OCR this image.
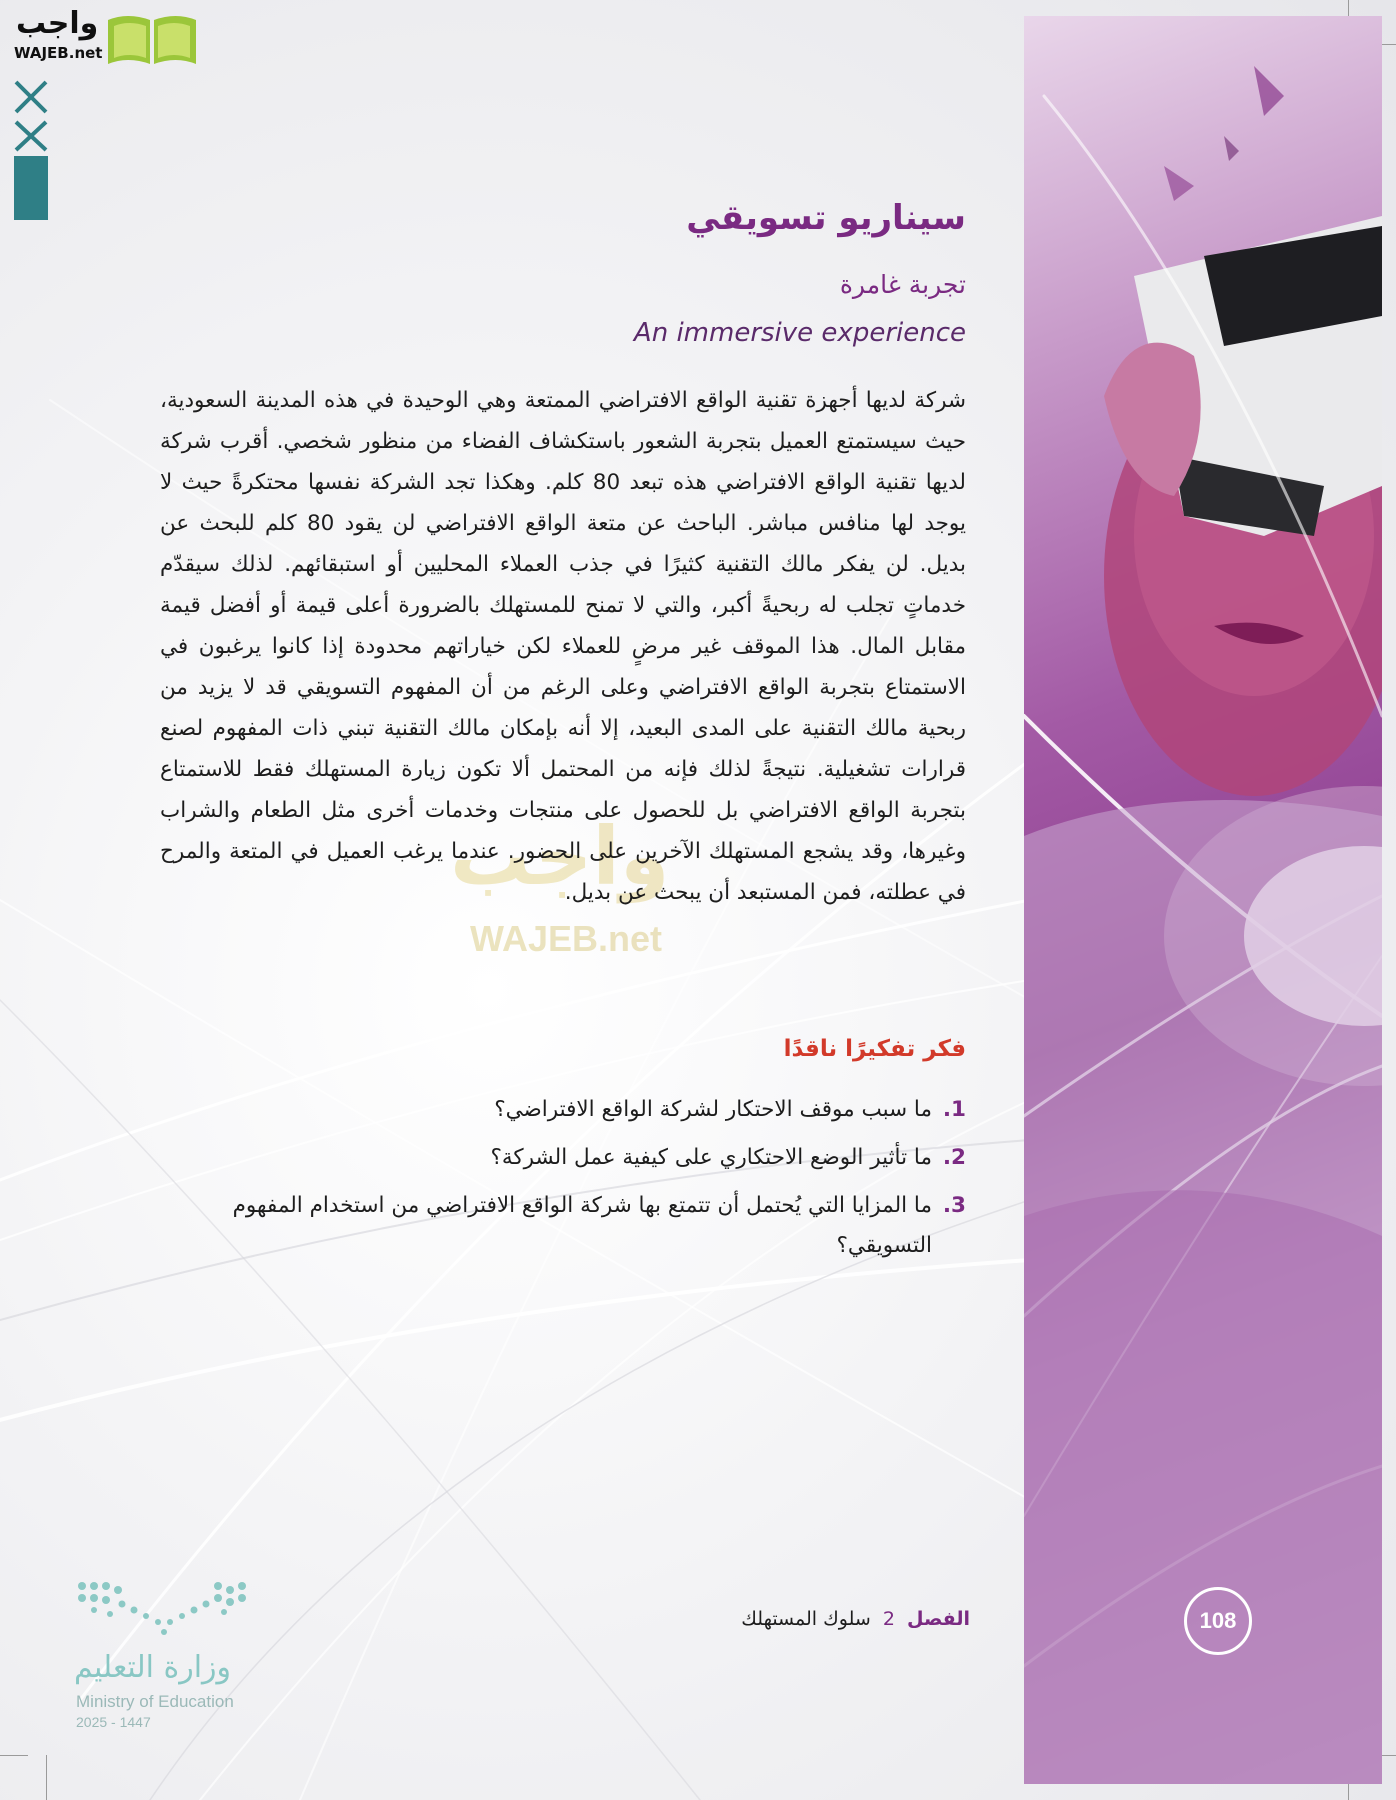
واجب
WAJEB.net
واجب
WAJEB.net
سيناريو تسويقي
تجربة غامرة
An immersive experience

شركة لديها أجهزة تقنية الواقع الافتراضي الممتعة وهي الوحيدة في هذه المدينة السعودية، حيث سيستمتع العميل بتجربة الشعور باستكشاف الفضاء من منظور شخصي. أقرب شركة لديها تقنية الواقع الافتراضي هذه تبعد 80 كلم. وهكذا تجد الشركة نفسها محتكرةً حيث لا يوجد لها منافس مباشر. الباحث عن متعة الواقع الافتراضي لن يقود 80 كلم للبحث عن بديل. لن يفكر مالك التقنية كثيرًا في جذب العملاء المحليين أو استبقائهم. لذلك سيقدّم خدماتٍ تجلب له ربحيةً أكبر، والتي لا تمنح للمستهلك بالضرورة أعلى قيمة أو أفضل قيمة مقابل المال. هذا الموقف غير مرضٍ للعملاء لكن خياراتهم محدودة إذا كانوا يرغبون في الاستمتاع بتجربة الواقع الافتراضي وعلى الرغم من أن المفهوم التسويقي قد لا يزيد من ربحية مالك التقنية على المدى البعيد، إلا أنه بإمكان مالك التقنية تبني ذات المفهوم لصنع قرارات تشغيلية. نتيجةً لذلك فإنه من المحتمل ألا تكون زيارة المستهلك فقط للاستمتاع بتجربة الواقع الافتراضي بل للحصول على منتجات وخدمات أخرى مثل الطعام والشراب وغيرها، وقد يشجع المستهلك الآخرين على الحضور. عندما يرغب العميل في المتعة والمرح في عطلته، فمن المستبعد أن يبحث عن بديل.

فكر تفكيرًا ناقدًا
1.
ما سبب موقف الاحتكار لشركة الواقع الافتراضي؟
2.
ما تأثير الوضع الاحتكاري على كيفية عمل الشركة؟
3.
ما المزايا التي يُحتمل أن تتمتع بها شركة الواقع الافتراضي من استخدام المفهوم التسويقي؟
الفصل 2 سلوك المستهلك	108
وزارة التعليم
Ministry of Education
2025 - 1447
